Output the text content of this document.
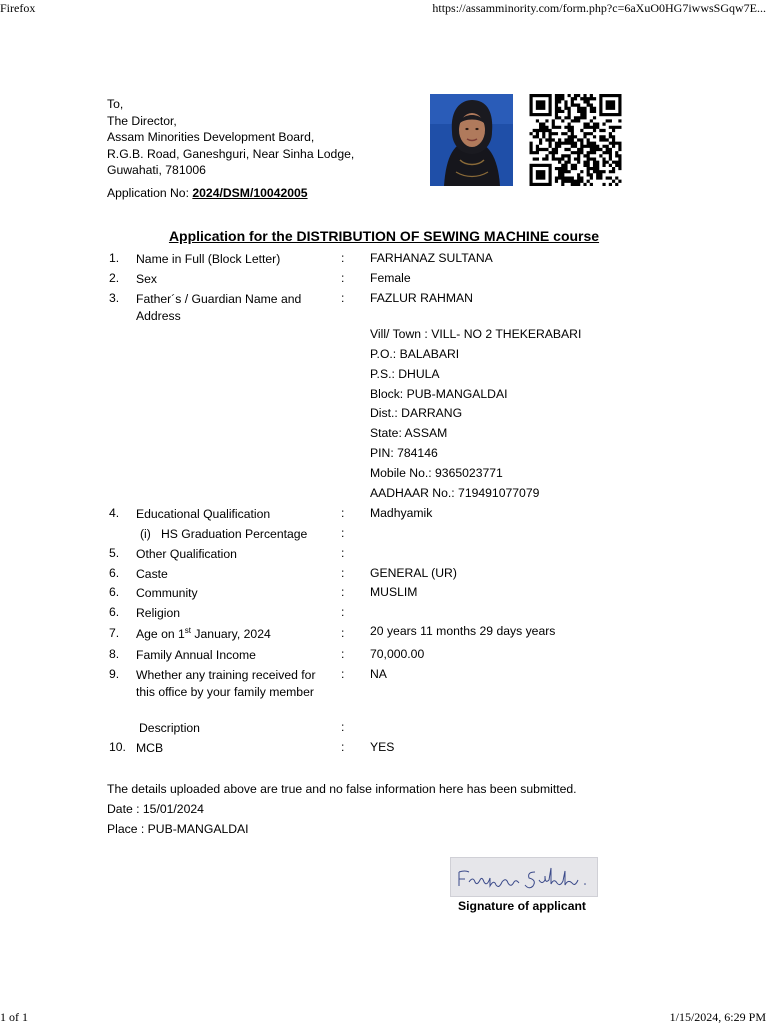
Firefox	https://assamminority.com/form.php?c=6aXuO0HG7iwwsSGqw7E...
To,
The Director,
Assam Minorities Development Board,
R.G.B. Road, Ganeshguri, Near Sinha Lodge,
Guwahati, 781006
Application No: 2024/DSM/10042005
Application for the DISTRIBUTION OF SEWING MACHINE course
1. Name in Full (Block Letter)	: FARHANAZ SULTANA
2. Sex	: Female
3. Father´s / Guardian Name and Address
: FAZLUR RAHMAN
Vill/ Town : VILL- NO 2 THEKERABARI
P.O.: BALABARI
P.S.: DHULA
Block: PUB-MANGALDAI
Dist.: DARRANG
State: ASSAM
PIN: 784146
Mobile No.: 9365023771
AADHAAR No.: 719491077079
4. Educational Qualification	: Madhyamik
(i)   HS Graduation Percentage	:
5. Other Qualification	:
6. Caste	: GENERAL (UR)
6. Community	: MUSLIM
6. Religion	:
7. Age on 1st January, 2024	: 20 years 11 months 29 days years
8. Family Annual Income	: 70,000.00
9. Whether any training received for this office by your family member
: NA
Description	:
10. MCB	: YES
The details uploaded above are true and no false information here has been submitted.
Date : 15/01/2024
Place : PUB-MANGALDAI
Signature of applicant
1 of 1	1/15/2024, 6:29 PM
